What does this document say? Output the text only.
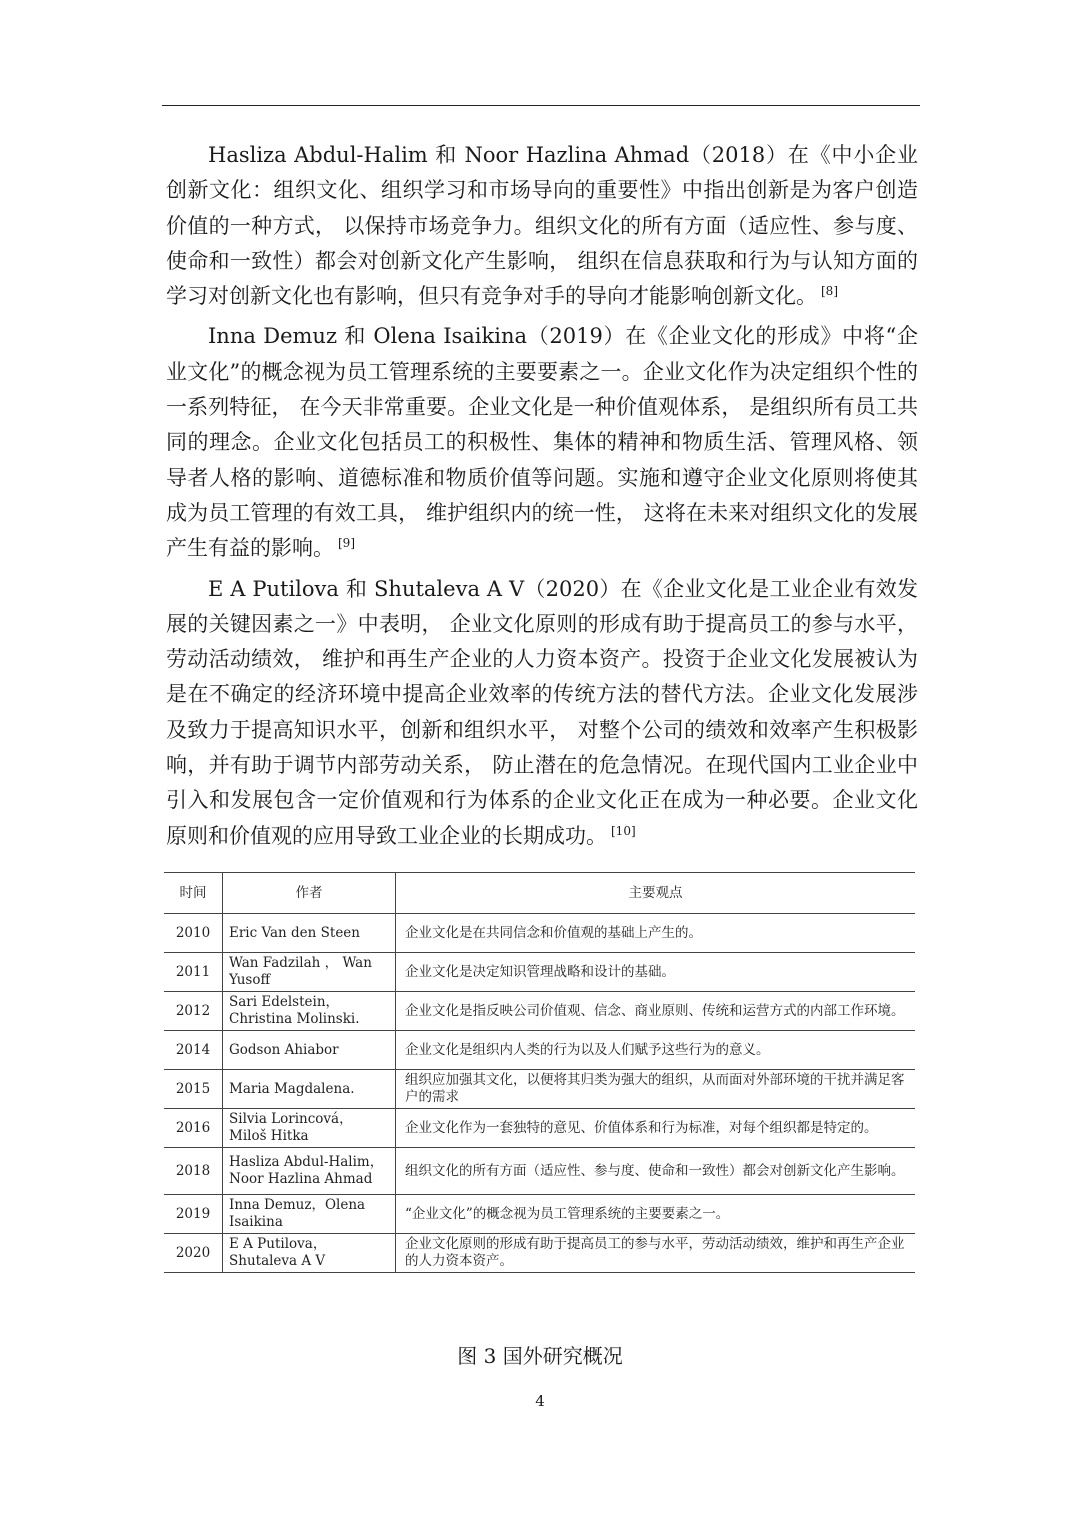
Hasliza Abdul-Halim 和 Noor Hazlina Ahmad（2018）在《中小企业创新文化：组织文化、组织学习和市场导向的重要性》中指出创新是为客户创造价值的一种方式， 以保持市场竞争力。组织文化的所有方面（适应性、参与度、使命和一致性）都会对创新文化产生影响， 组织在信息获取和行为与认知方面的学习对创新文化也有影响，但只有竞争对手的导向才能影响创新文化。 [8]

Inna Demuz 和 Olena Isaikina（2019）在《企业文化的形成》中将“企业文化”的概念视为员工管理系统的主要要素之一。企业文化作为决定组织个性的一系列特征， 在今天非常重要。企业文化是一种价值观体系， 是组织所有员工共同的理念。企业文化包括员工的积极性、集体的精神和物质生活、管理风格、领导者人格的影响、道德标准和物质价值等问题。实施和遵守企业文化原则将使其成为员工管理的有效工具， 维护组织内的统一性， 这将在未来对组织文化的发展产生有益的影响。 [9]

E A Putilova 和 Shutaleva A V（2020）在《企业文化是工业企业有效发展的关键因素之一》中表明， 企业文化原则的形成有助于提高员工的参与水平， 劳动活动绩效， 维护和再生产企业的人力资本资产。投资于企业文化发展被认为是在不确定的经济环境中提高企业效率的传统方法的替代方法。企业文化发展涉及致力于提高知识水平，创新和组织水平， 对整个公司的绩效和效率产生积极影响，并有助于调节内部劳动关系， 防止潜在的危急情况。在现代国内工业企业中引入和发展包含一定价值观和行为体系的企业文化正在成为一种必要。企业文化原则和价值观的应用导致工业企业的长期成功。 [10]

时间	作者	主要观点
2010	Eric Van den Steen	企业文化是在共同信念和价值观的基础上产生的。
2011	Wan Fadzilah ， Wan Yusoff	企业文化是决定知识管理战略和设计的基础。
2012	Sari Edelstein，Christina Molinski.	企业文化是指反映公司价值观、信念、商业原则、传统和运营方式的内部工作环境。
2014	Godson Ahiabor	企业文化是组织内人类的行为以及人们赋予这些行为的意义。
2015	Maria Magdalena.	组织应加强其文化，以便将其归类为强大的组织，从而面对外部环境的干扰并满足客户的需求
2016	Silvia Lorincová，Miloš Hitka	企业文化作为一套独特的意见、价值体系和行为标准，对每个组织都是特定的。
2018	Hasliza Abdul-Halim，Noor Hazlina Ahmad	组织文化的所有方面（适应性、参与度、使命和一致性）都会对创新文化产生影响。
2019	Inna Demuz，Olena Isaikina	“企业文化”的概念视为员工管理系统的主要要素之一。
2020	E A Putilova，Shutaleva A V	企业文化原则的形成有助于提高员工的参与水平，劳动活动绩效，维护和再生产企业的人力资本资产。
图 3 国外研究概况
4
